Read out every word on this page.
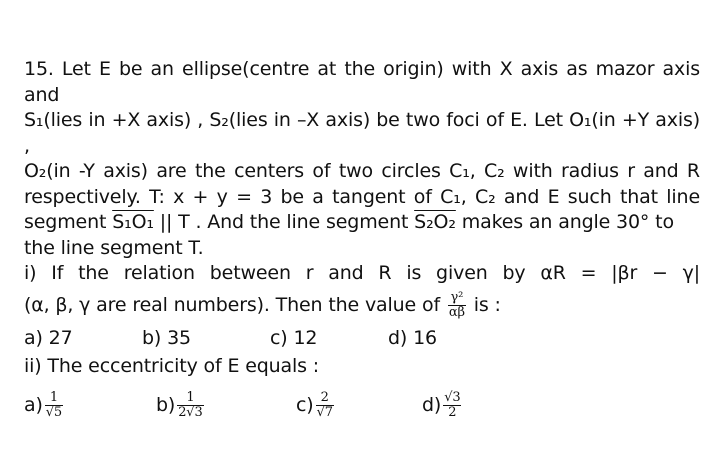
15. Let E be an ellipse(centre at the origin) with X axis as mazor axis and
S₁(lies in +X axis) , S₂(lies in –X axis) be two foci of E. Let O₁(in +Y axis) ,
O₂(in -Y axis) are the centers of two circles C₁, C₂ with radius r and R
respectively. T: x + y = 3 be a tangent of C₁, C₂ and E such that line
segment S₁O₁ || T . And the line segment S₂O₂ makes an angle 30° to
the line segment T.
i) If the relation between r and R is given by αR = |βr − γ|
(α, β, γ are real numbers). Then the value of $\frac{\text{γ²}}{\alpha\beta}$ is :
a) 27	b) 35	c) 12	d) 16
ii) The eccentricity of E equals :
$a) \frac{1}{√5}$	$b) \frac{1}{2√3}$	$c) \frac{2}{√7}$	$d) \frac{√3}{2}$
